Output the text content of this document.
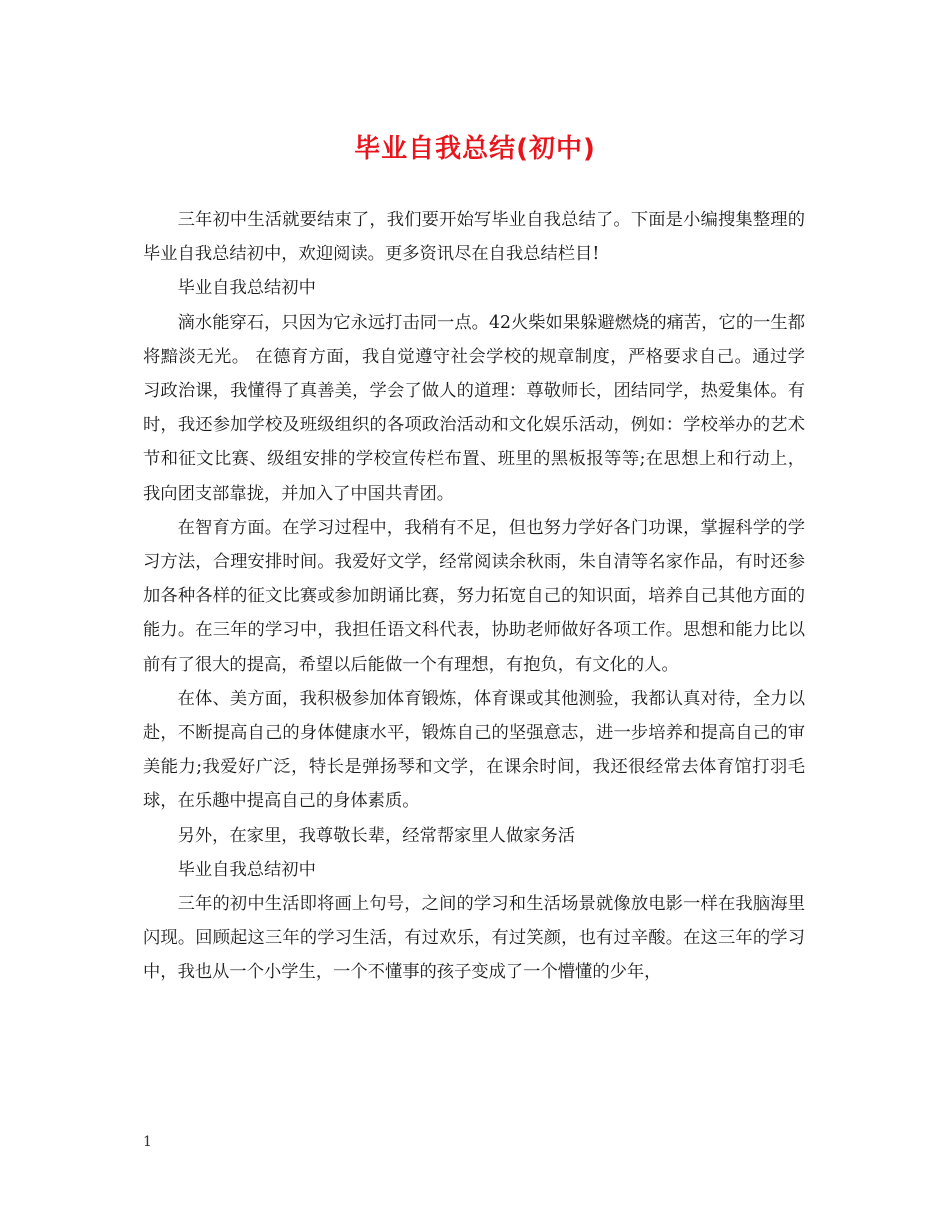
毕业自我总结(初中)

三年初中生活就要结束了，我们要开始写毕业自我总结了。下面是小编搜集整理的毕业自我总结初中，欢迎阅读。更多资讯尽在自我总结栏目!

毕业自我总结初中

滴水能穿石，只因为它永远打击同一点。42火柴如果躲避燃烧的痛苦，它的一生都将黯淡无光。 在德育方面，我自觉遵守社会学校的规章制度，严格要求自己。通过学习政治课，我懂得了真善美，学会了做人的道理：尊敬师长，团结同学，热爱集体。有时，我还参加学校及班级组织的各项政治活动和文化娱乐活动，例如：学校举办的艺术节和征文比赛、级组安排的学校宣传栏布置、班里的黑板报等等;在思想上和行动上，我向团支部靠拢，并加入了中国共青团。

在智育方面。在学习过程中，我稍有不足，但也努力学好各门功课，掌握科学的学习方法，合理安排时间。我爱好文学，经常阅读余秋雨，朱自清等名家作品，有时还参加各种各样的征文比赛或参加朗诵比赛，努力拓宽自己的知识面，培养自己其他方面的能力。在三年的学习中，我担任语文科代表，协助老师做好各项工作。思想和能力比以前有了很大的提高，希望以后能做一个有理想，有抱负，有文化的人。

在体、美方面，我积极参加体育锻炼，体育课或其他测验，我都认真对待，全力以赴，不断提高自己的身体健康水平，锻炼自己的坚强意志，进一步培养和提高自己的审美能力;我爱好广泛，特长是弹扬琴和文学，在课余时间，我还很经常去体育馆打羽毛球，在乐趣中提高自己的身体素质。

另外，在家里，我尊敬长辈，经常帮家里人做家务活

毕业自我总结初中

三年的初中生活即将画上句号，之间的学习和生活场景就像放电影一样在我脑海里闪现。回顾起这三年的学习生活，有过欢乐，有过笑颜，也有过辛酸。在这三年的学习中，我也从一个小学生，一个不懂事的孩子变成了一个懵懂的少年，

1
